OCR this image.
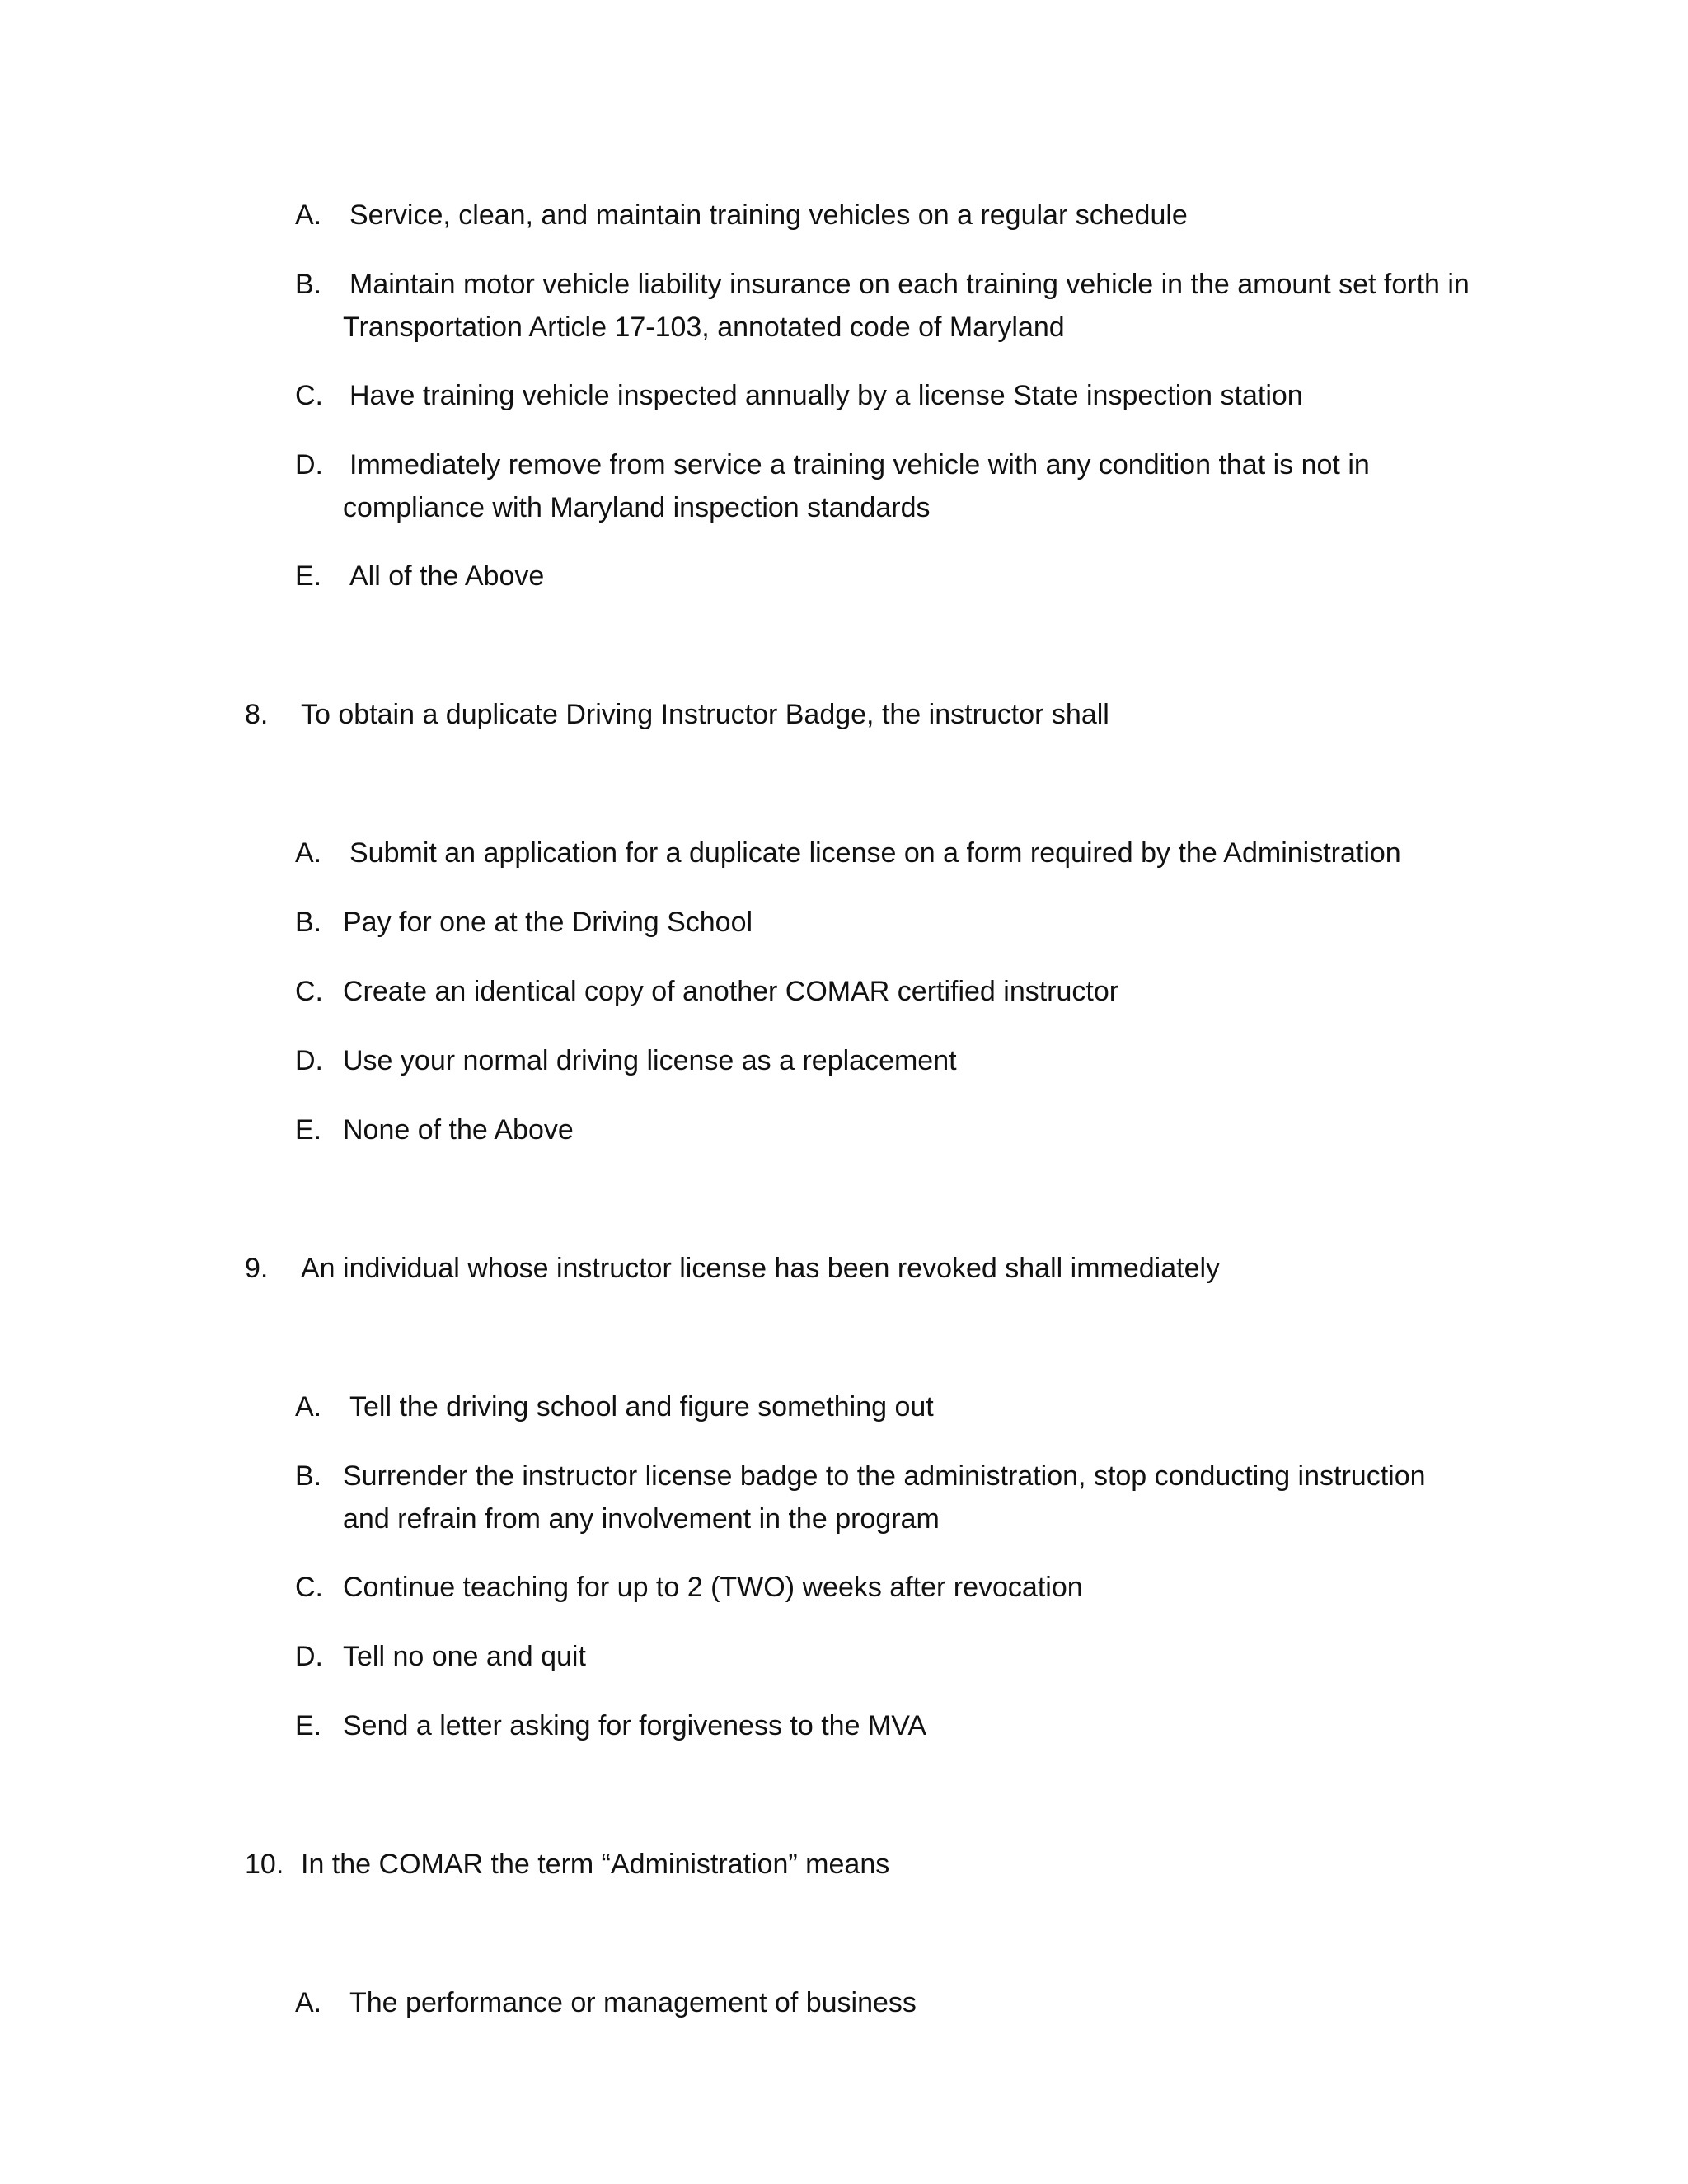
A. Service, clean, and maintain training vehicles on a regular schedule
B. Maintain motor vehicle liability insurance on each training vehicle in the amount set forth in
Transportation Article 17-103, annotated code of Maryland
C. Have training vehicle inspected annually by a license State inspection station
D. Immediately remove from service a training vehicle with any condition that is not in
compliance with Maryland inspection standards
E. All of the Above
8. To obtain a duplicate Driving Instructor Badge, the instructor shall
A. Submit an application for a duplicate license on a form required by the Administration
B. Pay for one at the Driving School
C. Create an identical copy of another COMAR certified instructor
D. Use your normal driving license as a replacement
E. None of the Above
9. An individual whose instructor license has been revoked shall immediately
A. Tell the driving school and figure something out
B. Surrender the instructor license badge to the administration, stop conducting instruction
and refrain from any involvement in the program
C. Continue teaching for up to 2 (TWO) weeks after revocation
D. Tell no one and quit
E. Send a letter asking for forgiveness to the MVA
10. In the COMAR the term “Administration” means
A. The performance or management of business
